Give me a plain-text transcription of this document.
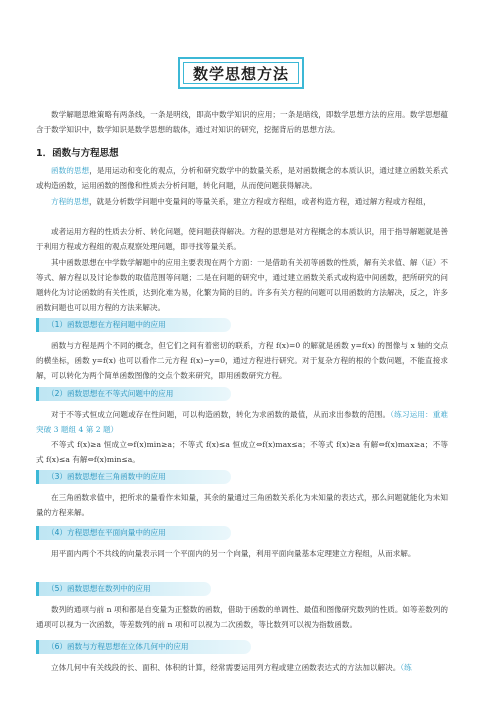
数学思想方法
数学解题思维策略有两条线，一条是明线，即高中数学知识的应用；一条是暗线，即数学思想方法的应用。数学思想蕴含于数学知识中，数学知识是数学思想的载体，通过对知识的研究，挖掘背后的思想方法。
1．函数与方程思想
函数的思想，是用运动和变化的观点，分析和研究数学中的数量关系，是对函数概念的本质认识，通过建立函数关系式或构造函数，运用函数的图像和性质去分析问题，转化问题，从而使问题获得解决。
方程的思想，就是分析数学问题中变量间的等量关系，建立方程或方程组，或者构造方程，通过解方程或方程组，
或者运用方程的性质去分析、转化问题，使问题获得解决。方程的思想是对方程概念的本质认识，用于指导解题就是善于利用方程或方程组的观点观察处理问题，即寻找等量关系。
其中函数思想在中学数学解题中的应用主要表现在两个方面：一是借助有关初等函数的性质，解有关求值、解（证）不等式、解方程以及讨论参数的取值范围等问题；二是在问题的研究中，通过建立函数关系式或构造中间函数，把所研究的问题转化为讨论函数的有关性质，达到化难为易，化繁为简的目的。许多有关方程的问题可以用函数的方法解决，反之，许多函数问题也可以用方程的方法来解决。
（1）函数思想在方程问题中的应用
函数与方程是两个不同的概念，但它们之间有着密切的联系，方程 f(x)=0 的解就是函数 y=f(x) 的图像与 x 轴的交点的横坐标，函数 y=f(x) 也可以看作二元方程 f(x)−y=0，通过方程进行研究。对于复杂方程的根的个数问题，不能直接求解，可以转化为两个简单函数图像的交点个数来研究，即用函数研究方程。
（2）函数思想在不等式问题中的应用
对于不等式恒成立问题或存在性问题，可以构造函数，转化为求函数的最值，从而求出参数的范围。（练习运用：重难突破 3 题组 4 第 2 题）
不等式 f(x)≥a 恒成立⇔f(x)min≥a；不等式 f(x)≤a 恒成立⇔f(x)max≤a；不等式 f(x)≥a 有解⇔f(x)max≥a；不等式 f(x)≤a 有解⇔f(x)min≤a。
（3）函数思想在三角函数中的应用
在三角函数求值中，把所求的量看作未知量，其余的量通过三角函数关系化为未知量的表达式，那么问题就能化为未知量的方程来解。
（4）方程思想在平面向量中的应用
用平面内两个不共线的向量表示同一个平面内的另一个向量，利用平面向量基本定理建立方程组，从而求解。
（5）函数思想在数列中的应用
数列的通项与前 n 项和都是自变量为正整数的函数，借助于函数的单调性、最值和图像研究数列的性质。如等差数列的通项可以视为一次函数，等差数列的前 n 项和可以视为二次函数，等比数列可以视为指数函数。
（6）函数与方程思想在立体几何中的应用
立体几何中有关线段的长、面积、体积的计算，经常需要运用列方程或建立函数表达式的方法加以解决。（练
